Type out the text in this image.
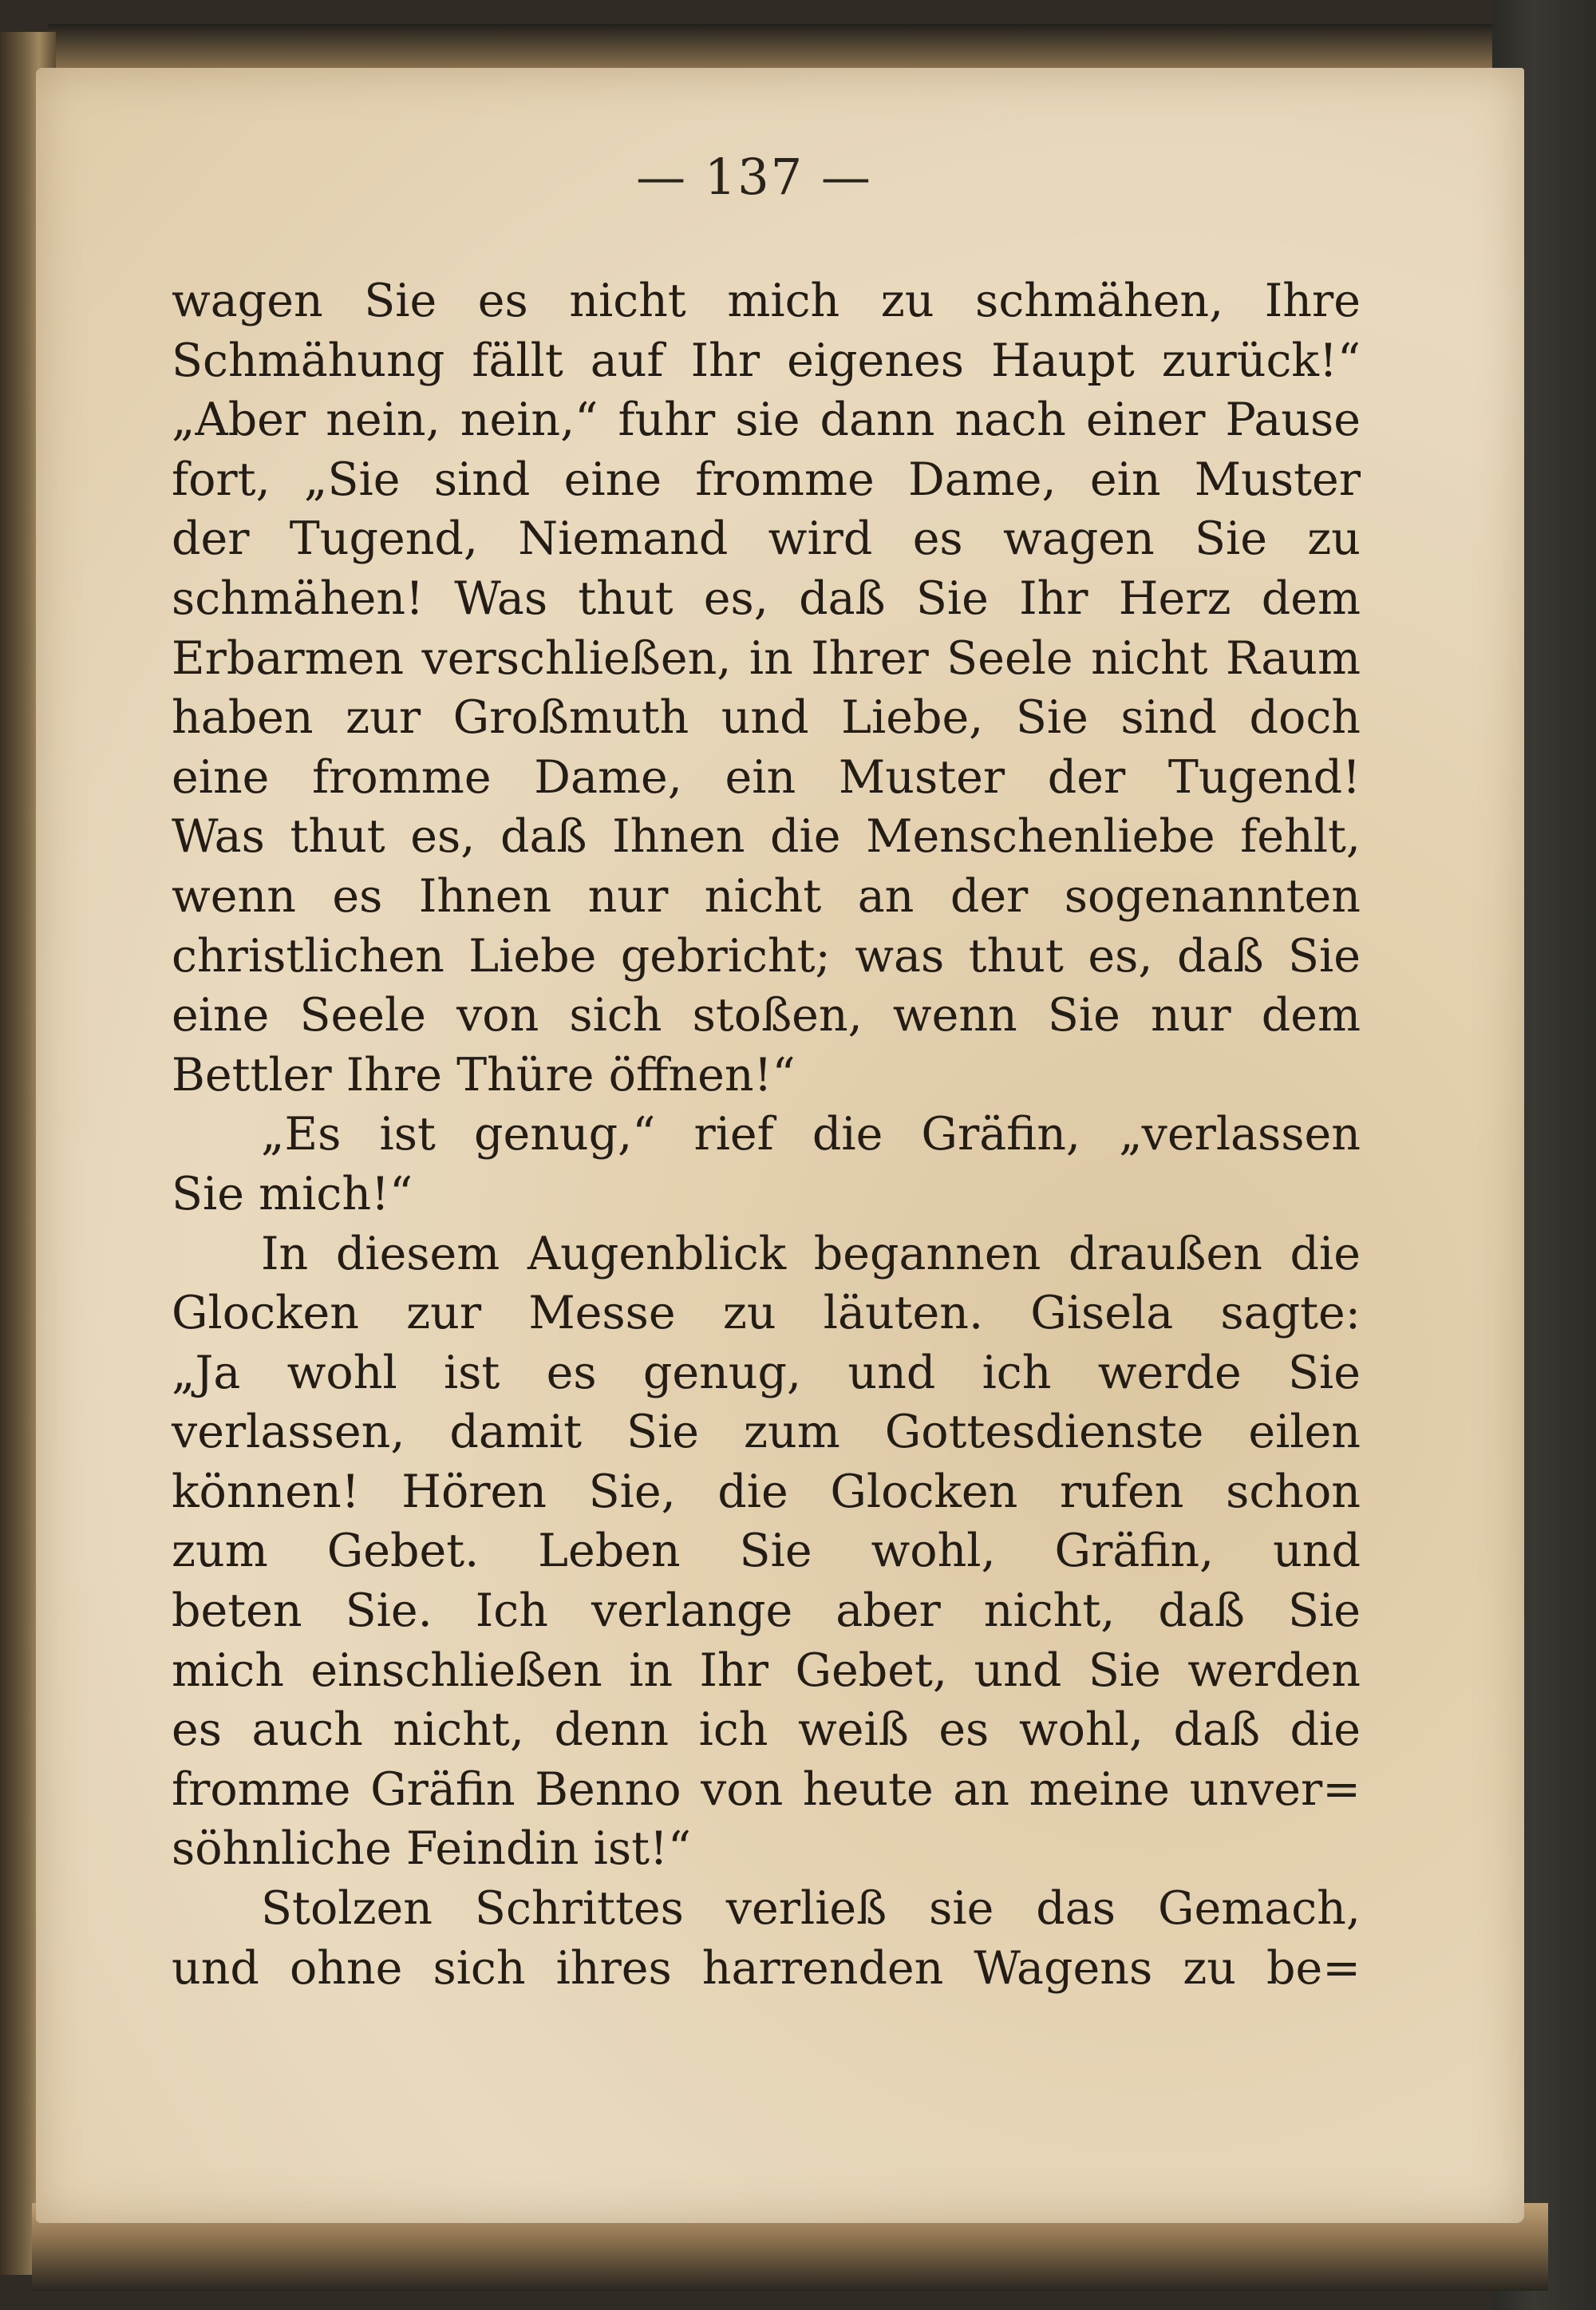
— 137 —
wagen Sie es nicht mich zu schmähen, Ihre
Schmähung fällt auf Ihr eigenes Haupt zurück!“
„Aber nein, nein,“ fuhr sie dann nach einer Pause
fort, „Sie sind eine fromme Dame, ein Muster
der Tugend, Niemand wird es wagen Sie zu
schmähen! Was thut es, daß Sie Ihr Herz dem
Erbarmen verschließen, in Ihrer Seele nicht Raum
haben zur Großmuth und Liebe, Sie sind doch
eine fromme Dame, ein Muster der Tugend!
Was thut es, daß Ihnen die Menschenliebe fehlt,
wenn es Ihnen nur nicht an der sogenannten
christlichen Liebe gebricht; was thut es, daß Sie
eine Seele von sich stoßen, wenn Sie nur dem
Bettler Ihre Thüre öffnen!“
„Es ist genug,“ rief die Gräfin, „verlassen
Sie mich!“
In diesem Augenblick begannen draußen die
Glocken zur Messe zu läuten. Gisela sagte:
„Ja wohl ist es genug, und ich werde Sie
verlassen, damit Sie zum Gottesdienste eilen
können! Hören Sie, die Glocken rufen schon
zum Gebet. Leben Sie wohl, Gräfin, und
beten Sie. Ich verlange aber nicht, daß Sie
mich einschließen in Ihr Gebet, und Sie werden
es auch nicht, denn ich weiß es wohl, daß die
fromme Gräfin Benno von heute an meine unver=
söhnliche Feindin ist!“
Stolzen Schrittes verließ sie das Gemach,
und ohne sich ihres harrenden Wagens zu be=
